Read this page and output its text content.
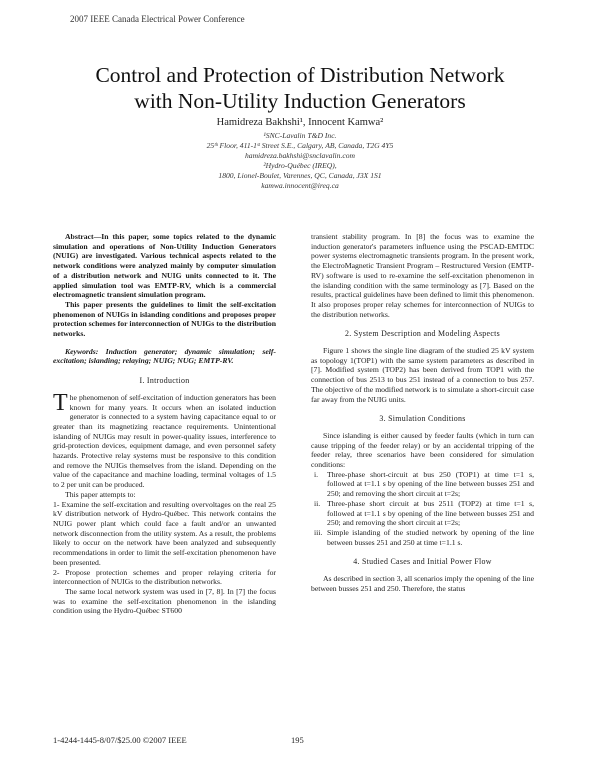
2007 IEEE Canada Electrical Power Conference
Control and Protection of Distribution Network
with Non-Utility Induction Generators
Hamidreza Bakhshi¹, Innocent Kamwa²
¹SNC-Lavalin T&D Inc.
25ᵗʰ Floor, 411-1ˢᵗ Street S.E., Calgary, AB, Canada, T2G 4Y5
hamidreza.bakhshi@snclavalin.com
²Hydro-Québec (IREQ),
1800, Lionel-Boulet, Varennes, QC, Canada, J3X 1S1
kamwa.innocent@ireq.ca

Abstract—In this paper, some topics related to the dynamic simulation and operations of Non-Utility Induction Generators (NUIG) are investigated. Various technical aspects related to the network conditions were analyzed mainly by computer simulation of a distribution network and NUIG units connected to it. The applied simulation tool was EMTP-RV, which is a commercial electromagnetic transient simulation program.

This paper presents the guidelines to limit the self-excitation phenomenon of NUIGs in islanding conditions and proposes proper protection schemes for interconnection of NUIGs to the distribution networks.

Keywords: Induction generator; dynamic simulation; self-excitation; islanding; relaying; NUIG; NUG; EMTP-RV.

I. Introduction

The phenomenon of self-excitation of induction generators has been known for many years. It occurs when an isolated induction generator is connected to a system having capacitance equal to or greater than its magnetizing reactance requirements. Unintentional islanding of NUIGs may result in power-quality issues, interference to grid-protection devices, equipment damage, and even personnel safety hazards. Protective relay systems must be responsive to this condition and remove the NUIGs themselves from the island. Depending on the value of the capacitance and machine loading, terminal voltages of 1.5 to 2 per unit can be produced.

This paper attempts to:

1- Examine the self-excitation and resulting overvoltages on the real 25 kV distribution network of Hydro-Québec. This network contains the NUIG power plant which could face a fault and/or an unwanted network disconnection from the utility system. As a result, the problems likely to occur on the network have been analyzed and subsequently recommendations in order to limit the self-excitation phenomenon have been presented.

2- Propose protection schemes and proper relaying criteria for interconnection of NUIGs to the distribution networks.

The same local network system was used in [7, 8]. In [7] the focus was to examine the self-excitation phenomenon in the islanding condition using the Hydro-Québec ST600

transient stability program. In [8] the focus was to examine the induction generator's parameters influence using the PSCAD-EMTDC power systems electromagnetic transients program. In the present work, the ElectroMagnetic Transient Program – Restructured Version (EMTP-RV) software is used to re-examine the self-excitation phenomenon in the islanding condition with the same terminology as [7]. Based on the results, practical guidelines have been defined to limit this phenomenon. It also proposes proper relay schemes for interconnection of NUIGs to the distribution networks.

2. System Description and Modeling Aspects

Figure 1 shows the single line diagram of the studied 25 kV system as topology 1(TOP1) with the same system parameters as described in [7]. Modified system (TOP2) has been derived from TOP1 with the connection of bus 2513 to bus 251 instead of a connection to bus 257. The objective of the modified network is to simulate a short-circuit case far away from the NUIG units.

3. Simulation Conditions

Since islanding is either caused by feeder faults (which in turn can cause tripping of the feeder relay) or by an accidental tripping of the feeder relay, three scenarios have been considered for simulation conditions:

i. Three-phase short-circuit at bus 250 (TOP1) at time t=1 s, followed at t=1.1 s by opening of the line between busses 251 and 250; and removing the short circuit at t=2s;
ii. Three-phase short circuit at bus 2511 (TOP2) at time t=1 s, followed at t=1.1 s by opening of the line between busses 251 and 250; and removing the short circuit at t=2s;
iii. Simple islanding of the studied network by opening of the line between busses 251 and 250 at time t=1.1 s.

4. Studied Cases and Initial Power Flow

As described in section 3, all scenarios imply the opening of the line between busses 251 and 250. Therefore, the status

1-4244-1445-8/07/$25.00 ©2007 IEEE	195
